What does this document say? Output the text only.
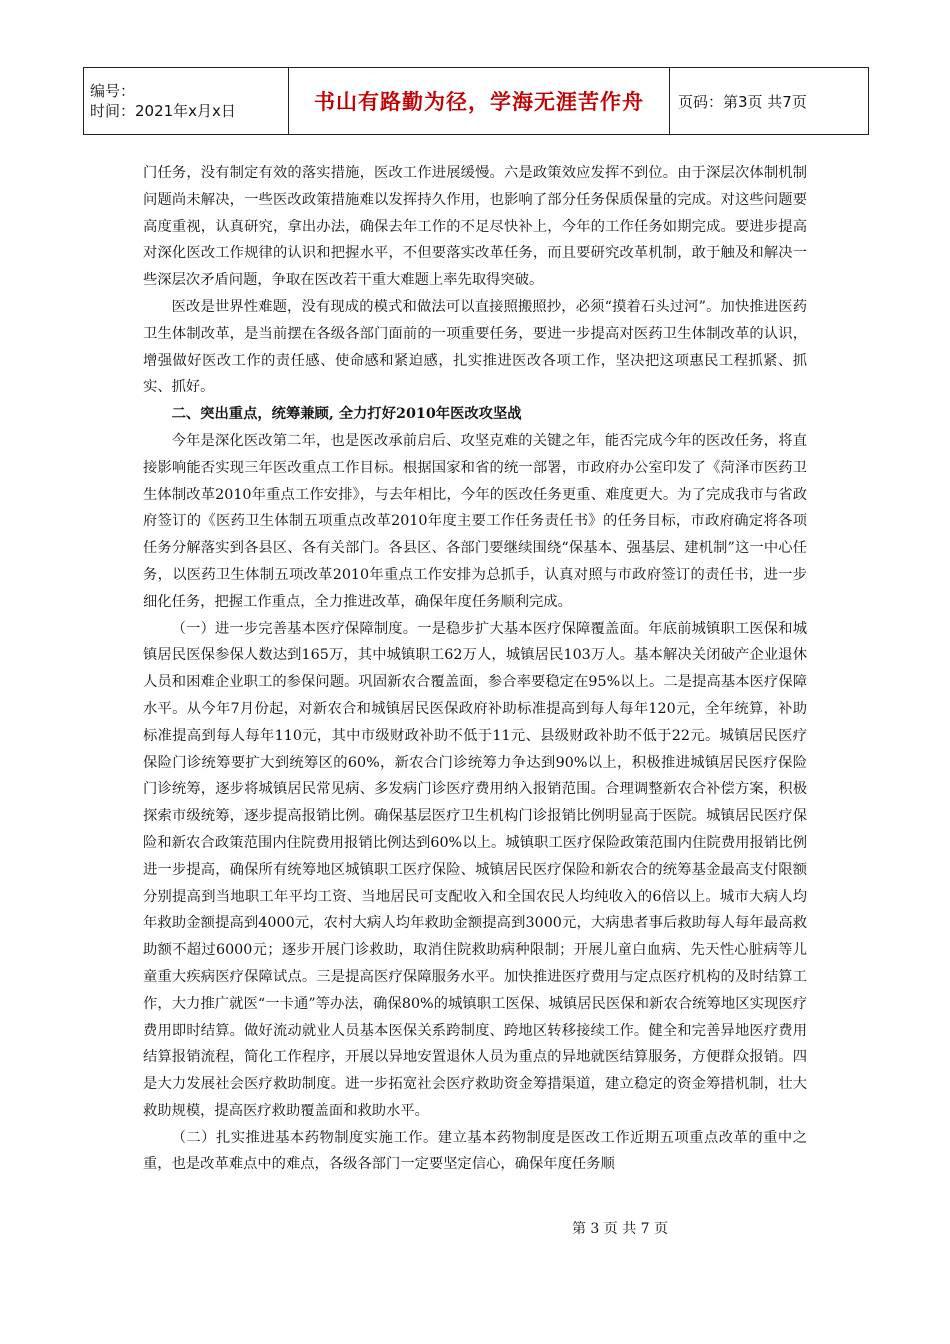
编号：
时间：2021年x月x日	书山有路勤为径，学海无涯苦作舟	页码：第3页 共7页

门任务，没有制定有效的落实措施，医改工作进展缓慢。六是政策效应发挥不到位。由于深层次体制机制问题尚未解决，一些医改政策措施难以发挥持久作用，也影响了部分任务保质保量的完成。对这些问题要高度重视，认真研究，拿出办法，确保去年工作的不足尽快补上，今年的工作任务如期完成。要进步提高对深化医改工作规律的认识和把握水平，不但要落实改革任务，而且要研究改革机制，敢于触及和解决一些深层次矛盾问题，争取在医改若干重大难题上率先取得突破。

医改是世界性难题，没有现成的模式和做法可以直接照搬照抄，必须“摸着石头过河”。加快推进医药卫生体制改革，是当前摆在各级各部门面前的一项重要任务，要进一步提高对医药卫生体制改革的认识，增强做好医改工作的责任感、使命感和紧迫感，扎实推进医改各项工作，坚决把这项惠民工程抓紧、抓实、抓好。

二、突出重点，统筹兼顾, 全力打好2010年医改攻坚战

今年是深化医改第二年，也是医改承前启后、攻坚克难的关键之年，能否完成今年的医改任务，将直接影响能否实现三年医改重点工作目标。根据国家和省的统一部署，市政府办公室印发了《菏泽市医药卫生体制改革2010年重点工作安排》，与去年相比，今年的医改任务更重、难度更大。为了完成我市与省政府签订的《医药卫生体制五项重点改革2010年度主要工作任务责任书》的任务目标，市政府确定将各项任务分解落实到各县区、各有关部门。各县区、各部门要继续围绕“保基本、强基层、建机制”这一中心任务，以医药卫生体制五项改革2010年重点工作安排为总抓手，认真对照与市政府签订的责任书，进一步细化任务，把握工作重点，全力推进改革，确保年度任务顺利完成。

（一）进一步完善基本医疗保障制度。一是稳步扩大基本医疗保障覆盖面。年底前城镇职工医保和城镇居民医保参保人数达到165万，其中城镇职工62万人，城镇居民103万人。基本解决关闭破产企业退休人员和困难企业职工的参保问题。巩固新农合覆盖面，参合率要稳定在95%以上。二是提高基本医疗保障水平。从今年7月份起，对新农合和城镇居民医保政府补助标准提高到每人每年120元，全年统算，补助标准提高到每人每年110元，其中市级财政补助不低于11元、县级财政补助不低于22元。城镇居民医疗保险门诊统筹要扩大到统筹区的60%，新农合门诊统筹力争达到90%以上，积极推进城镇居民医疗保险门诊统筹，逐步将城镇居民常见病、多发病门诊医疗费用纳入报销范围。合理调整新农合补偿方案，积极探索市级统筹，逐步提高报销比例。确保基层医疗卫生机构门诊报销比例明显高于医院。城镇居民医疗保险和新农合政策范围内住院费用报销比例达到60%以上。城镇职工医疗保险政策范围内住院费用报销比例进一步提高，确保所有统筹地区城镇职工医疗保险、城镇居民医疗保险和新农合的统筹基金最高支付限额分别提高到当地职工年平均工资、当地居民可支配收入和全国农民人均纯收入的6倍以上。城市大病人均年救助金额提高到4000元，农村大病人均年救助金额提高到3000元，大病患者事后救助每人每年最高救助额不超过6000元；逐步开展门诊救助，取消住院救助病种限制；开展儿童白血病、先天性心脏病等儿童重大疾病医疗保障试点。三是提高医疗保障服务水平。加快推进医疗费用与定点医疗机构的及时结算工作，大力推广就医“一卡通”等办法，确保80%的城镇职工医保、城镇居民医保和新农合统筹地区实现医疗费用即时结算。做好流动就业人员基本医保关系跨制度、跨地区转移接续工作。健全和完善异地医疗费用结算报销流程，简化工作程序，开展以异地安置退休人员为重点的异地就医结算服务，方便群众报销。四是大力发展社会医疗救助制度。进一步拓宽社会医疗救助资金筹措渠道，建立稳定的资金筹措机制，壮大救助规模，提高医疗救助覆盖面和救助水平。

（二）扎实推进基本药物制度实施工作。建立基本药物制度是医改工作近期五项重点改革的重中之重，也是改革难点中的难点，各级各部门一定要坚定信心，确保年度任务顺

第 3 页 共 7 页
